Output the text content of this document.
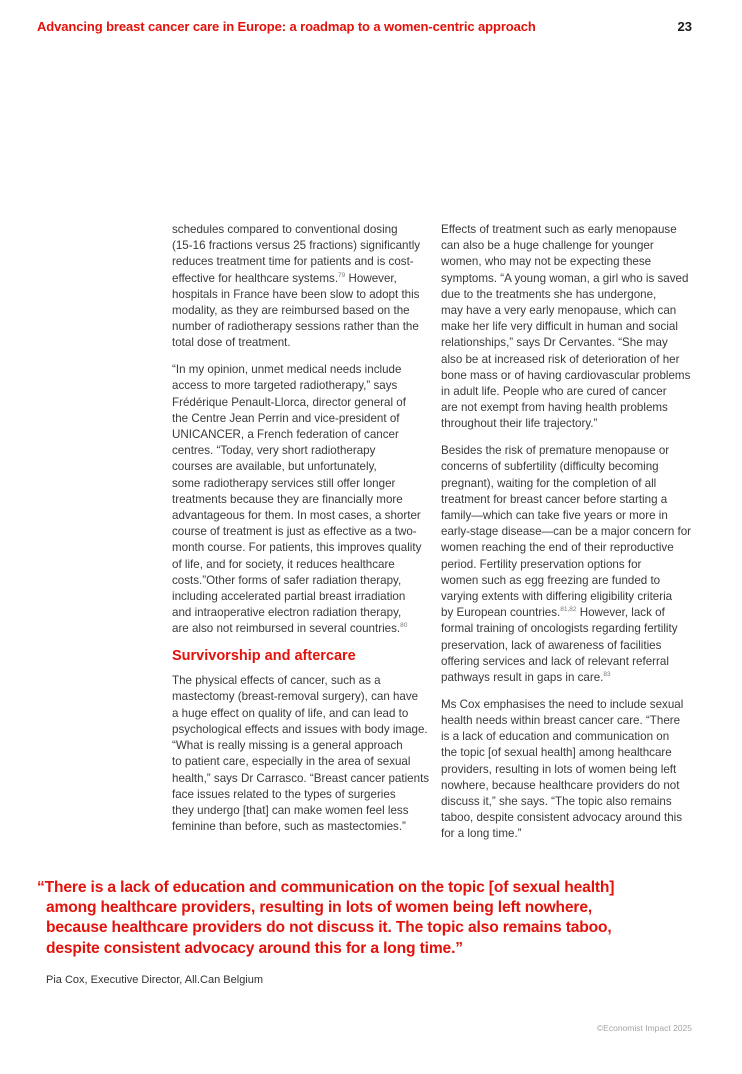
Advancing breast cancer care in Europe: a roadmap to a women-centric approach	23

schedules compared to conventional dosing
(15-16 fractions versus 25 fractions) significantly
reduces treatment time for patients and is cost-
effective for healthcare systems.$^{79}$ However,
hospitals in France have been slow to adopt this
modality, as they are reimbursed based on the
number of radiotherapy sessions rather than the
total dose of treatment.

“In my opinion, unmet medical needs include
access to more targeted radiotherapy,” says
Frédérique Penault-Llorca, director general of
the Centre Jean Perrin and vice-president of
UNICANCER, a French federation of cancer
centres. “Today, very short radiotherapy
courses are available, but unfortunately,
some radiotherapy services still offer longer
treatments because they are financially more
advantageous for them. In most cases, a shorter
course of treatment is just as effective as a two-
month course. For patients, this improves quality
of life, and for society, it reduces healthcare
costs.”Other forms of safer radiation therapy,
including accelerated partial breast irradiation
and intraoperative electron radiation therapy,
are also not reimbursed in several countries.$^{80}$

Survivorship and aftercare

The physical effects of cancer, such as a
mastectomy (breast-removal surgery), can have
a huge effect on quality of life, and can lead to
psychological effects and issues with body image.
“What is really missing is a general approach
to patient care, especially in the area of sexual
health,” says Dr Carrasco. “Breast cancer patients
face issues related to the types of surgeries
they undergo [that] can make women feel less
feminine than before, such as mastectomies.”

Effects of treatment such as early menopause
can also be a huge challenge for younger
women, who may not be expecting these
symptoms. “A young woman, a girl who is saved
due to the treatments she has undergone,
may have a very early menopause, which can
make her life very difficult in human and social
relationships,” says Dr Cervantes. “She may
also be at increased risk of deterioration of her
bone mass or of having cardiovascular problems
in adult life. People who are cured of cancer
are not exempt from having health problems
throughout their life trajectory.”

Besides the risk of premature menopause or
concerns of subfertility (difficulty becoming
pregnant), waiting for the completion of all
treatment for breast cancer before starting a
family—which can take five years or more in
early-stage disease—can be a major concern for
women reaching the end of their reproductive
period. Fertility preservation options for
women such as egg freezing are funded to
varying extents with differing eligibility criteria
by European countries.$^{81,82}$ However, lack of
formal training of oncologists regarding fertility
preservation, lack of awareness of facilities
offering services and lack of relevant referral
pathways result in gaps in care.$^{83}$

Ms Cox emphasises the need to include sexual
health needs within breast cancer care. “There
is a lack of education and communication on
the topic [of sexual health] among healthcare
providers, resulting in lots of women being left
nowhere, because healthcare providers do not
discuss it,” she says. “The topic also remains
taboo, despite consistent advocacy around this
for a long time.”

“There is a lack of education and communication on the topic [of sexual health]
among healthcare providers, resulting in lots of women being left nowhere,
because healthcare providers do not discuss it. The topic also remains taboo,
despite consistent advocacy around this for a long time.”
Pia Cox, Executive Director, All.Can Belgium
©Economist Impact 2025
